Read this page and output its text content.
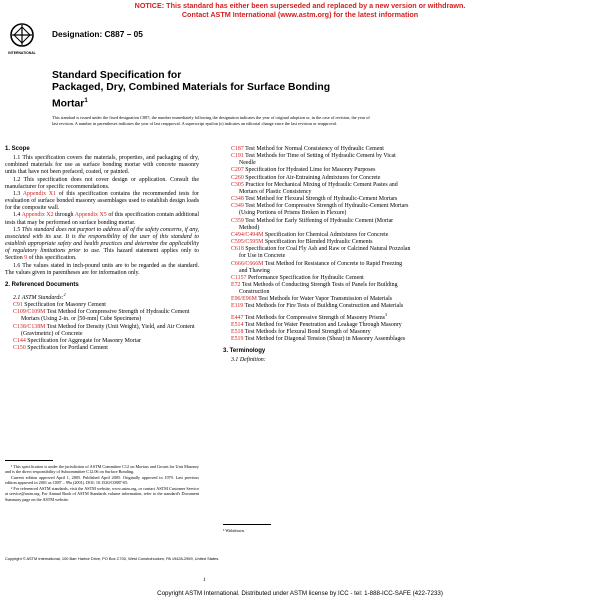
NOTICE: This standard has either been superseded and replaced by a new version or withdrawn.
Contact ASTM International (www.astm.org) for the latest information
INTERNATIONAL
Designation: C887 – 05
Standard Specification for
Packaged, Dry, Combined Materials for Surface Bonding
Mortar$^1$
This standard is issued under the fixed designation C887; the number immediately following the designation indicates the year of original adoption or, in the case of revision, the year of last revision. A number in parentheses indicates the year of last reapproval. A superscript epsilon (ε) indicates an editorial change since the last revision or reapproval.
1. Scope

1.1 This specification covers the materials, properties, and packaging of dry, combined materials for use as surface bonding mortar with concrete masonry units that have not been prefaced, coated, or painted.

1.2 This specification does not cover design or application. Consult the manufacturer for specific recommendations.

1.3 Appendix X1 of this specification contains the recommended tests for evaluation of surface bonded masonry assemblages used to establish design loads for the composite wall.

1.4 Appendix X2 through Appendix X5 of this specification contain additional tests that may be performed on surface bonding mortar.

1.5 This standard does not purport to address all of the safety concerns, if any, associated with its use. It is the responsibility of the user of this standard to establish appropriate safety and health practices and determine the applicability of regulatory limitations prior to use. This hazard statement applies only to Section 9 of this specification.

1.6 The values stated in inch-pound units are to be regarded as the standard. The values given in parentheses are for information only.

2. Referenced Documents
2.1 ASTM Standards:$^2$

C91 Specification for Masonry Cement

C109/C109M Test Method for Compressive Strength of Hydraulic Cement Mortars (Using 2-in. or [50-mm] Cube Specimens)

C138/C138M Test Method for Density (Unit Weight), Yield, and Air Content (Gravimetric) of Concrete

C144 Specification for Aggregate for Masonry Mortar

C150 Specification for Portland Cement

¹ This specification is under the jurisdiction of ASTM Committee C12 on Mortars and Grouts for Unit Masonry and is the direct responsibility of Subcommittee C12.06 on Surface Bonding.

Current edition approved April 1, 2005. Published April 2005. Originally approved in 1979. Last previous edition approved in 2001 as C887 – 99a (2001). DOI: 10.1520/C0887-05.

² For referenced ASTM standards, visit the ASTM website, www.astm.org, or contact ASTM Customer Service at service@astm.org. For Annual Book of ASTM Standards volume information, refer to the standard's Document Summary page on the ASTM website.

C187 Test Method for Normal Consistency of Hydraulic Cement

C191 Test Methods for Time of Setting of Hydraulic Cement by Vicat Needle

C207 Specification for Hydrated Lime for Masonry Purposes

C260 Specification for Air-Entraining Admixtures for Concrete

C305 Practice for Mechanical Mixing of Hydraulic Cement Pastes and Mortars of Plastic Consistency

C348 Test Method for Flexural Strength of Hydraulic-Cement Mortars

C349 Test Method for Compressive Strength of Hydraulic-Cement Mortars (Using Portions of Prisms Broken in Flexure)

C359 Test Method for Early Stiffening of Hydraulic Cement (Mortar Method)

C494/C494M Specification for Chemical Admixtures for Concrete

C595/C595M Specification for Blended Hydraulic Cements

C618 Specification for Coal Fly Ash and Raw or Calcined Natural Pozzolan for Use in Concrete

C666/C666M Test Method for Resistance of Concrete to Rapid Freezing and Thawing

C1157 Performance Specification for Hydraulic Cement

E72 Test Methods of Conducting Strength Tests of Panels for Building Construction

E96/E96M Test Methods for Water Vapor Transmission of Materials

E119 Test Methods for Fire Tests of Building Construction and Materials

E447 Test Methods for Compressive Strength of Masonry Prisms$^3$

E514 Test Method for Water Penetration and Leakage Through Masonry

E518 Test Methods for Flexural Bond Strength of Masonry

E519 Test Method for Diagonal Tension (Shear) in Masonry Assemblages

3. Terminology
3.1 Definition:
³ Withdrawn.
Copyright © ASTM International, 100 Barr Harbor Drive, PO Box C700, West Conshohocken, PA 19428-2959, United States.
1
Copyright ASTM International. Distributed under ASTM license by ICC - tel: 1-888-ICC-SAFE (422-7233)
